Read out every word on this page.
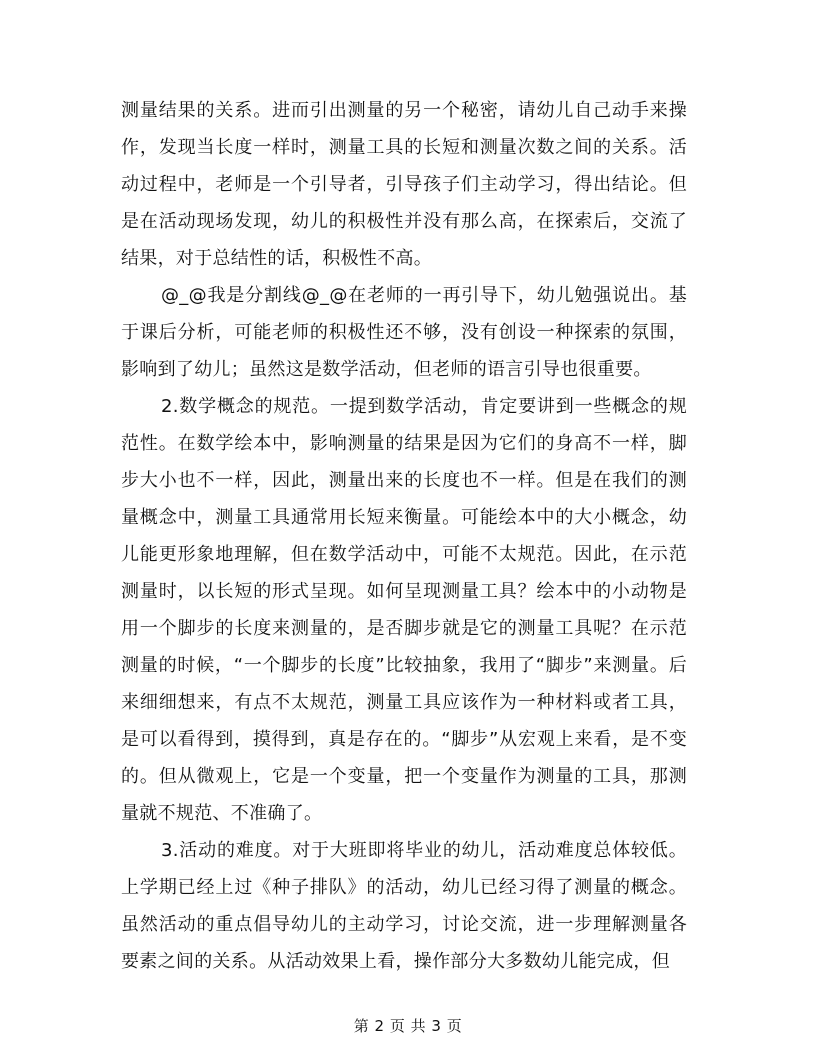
测量结果的关系。进而引出测量的另一个秘密，请幼儿自己动手来操作，发现当长度一样时，测量工具的长短和测量次数之间的关系。活动过程中，老师是一个引导者，引导孩子们主动学习，得出结论。但是在活动现场发现，幼儿的积极性并没有那么高，在探索后，交流了结果，对于总结性的话，积极性不高。

@_@我是分割线@_@在老师的一再引导下，幼儿勉强说出。基于课后分析，可能老师的积极性还不够，没有创设一种探索的氛围，影响到了幼儿；虽然这是数学活动，但老师的语言引导也很重要。

2.数学概念的规范。一提到数学活动，肯定要讲到一些概念的规范性。在数学绘本中，影响测量的结果是因为它们的身高不一样，脚步大小也不一样，因此，测量出来的长度也不一样。但是在我们的测量概念中，测量工具通常用长短来衡量。可能绘本中的大小概念，幼儿能更形象地理解，但在数学活动中，可能不太规范。因此，在示范测量时，以长短的形式呈现。如何呈现测量工具？绘本中的小动物是用一个脚步的长度来测量的，是否脚步就是它的测量工具呢？在示范测量的时候，“一个脚步的长度”比较抽象，我用了“脚步”来测量。后来细细想来，有点不太规范，测量工具应该作为一种材料或者工具，是可以看得到，摸得到，真是存在的。“脚步”从宏观上来看，是不变的。但从微观上，它是一个变量，把一个变量作为测量的工具，那测量就不规范、不准确了。

3.活动的难度。对于大班即将毕业的幼儿，活动难度总体较低。上学期已经上过《种子排队》的活动，幼儿已经习得了测量的概念。虽然活动的重点倡导幼儿的主动学习，讨论交流，进一步理解测量各要素之间的关系。从活动效果上看，操作部分大多数幼儿能完成，但

第 2 页 共 3 页
